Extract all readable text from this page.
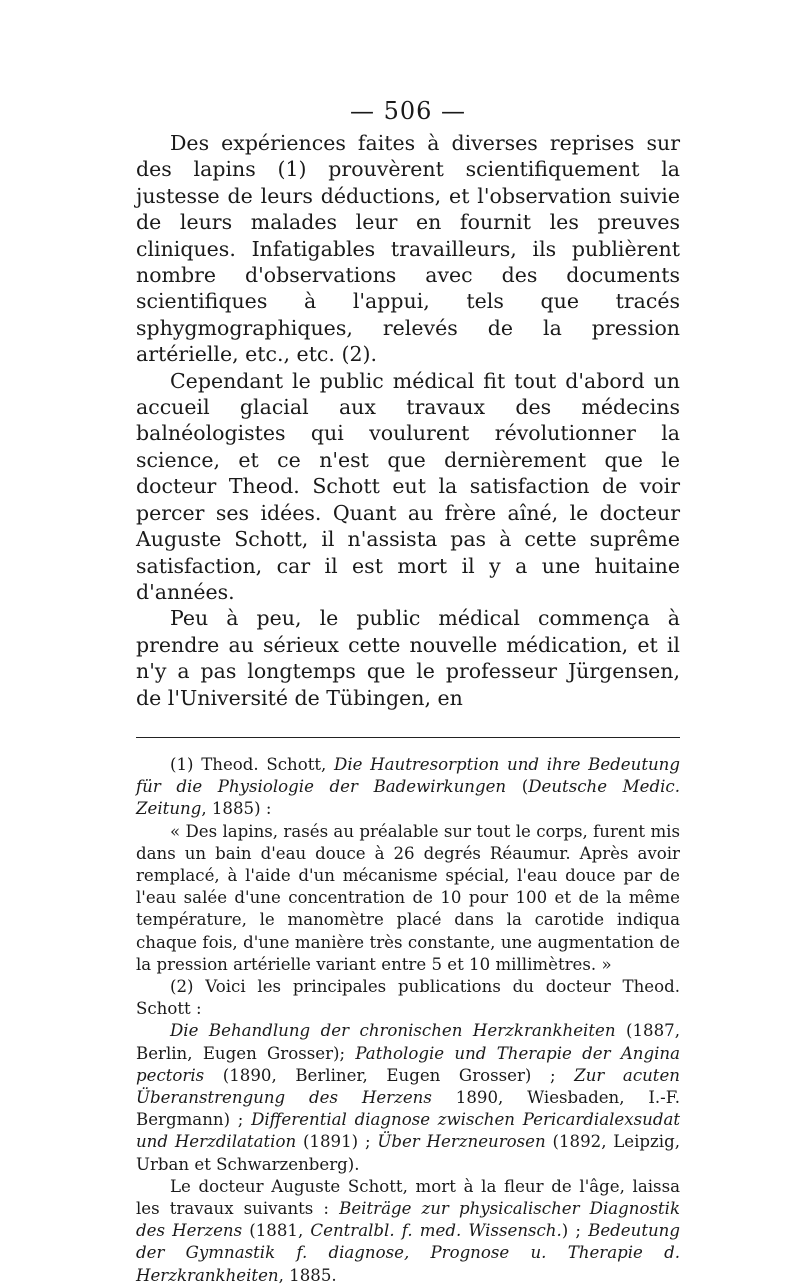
— 506 —

Des expériences faites à diverses reprises sur des lapins (1) prouvèrent scientifiquement la justesse de leurs déductions, et l'observation suivie de leurs malades leur en fournit les preuves cliniques. Infatigables travailleurs, ils publièrent nombre d'observations avec des documents scientifiques à l'appui, tels que tracés sphygmographiques, relevés de la pression artérielle, etc., etc. (2).

Cependant le public médical fit tout d'abord un accueil glacial aux travaux des médecins balnéologistes qui voulurent révolutionner la science, et ce n'est que dernièrement que le docteur Theod. Schott eut la satisfaction de voir percer ses idées. Quant au frère aîné, le docteur Auguste Schott, il n'assista pas à cette suprême satisfaction, car il est mort il y a une huitaine d'années.

Peu à peu, le public médical commença à prendre au sérieux cette nouvelle médication, et il n'y a pas longtemps que le professeur Jürgensen, de l'Université de Tübingen, en

(1) Theod. Schott, Die Hautresorption und ihre Bedeutung für die Physiologie der Badewirkungen (Deutsche Medic. Zeitung, 1885) :

« Des lapins, rasés au préalable sur tout le corps, furent mis dans un bain d'eau douce à 26 degrés Réaumur. Après avoir remplacé, à l'aide d'un mécanisme spécial, l'eau douce par de l'eau salée d'une concentration de 10 pour 100 et de la même température, le manomètre placé dans la carotide indiqua chaque fois, d'une manière très constante, une augmentation de la pression artérielle variant entre 5 et 10 millimètres. »

(2) Voici les principales publications du docteur Theod. Schott :

Die Behandlung der chronischen Herzkrankheiten (1887, Berlin, Eugen Grosser); Pathologie und Therapie der Angina pectoris (1890, Berliner, Eugen Grosser) ; Zur acuten Überanstrengung des Herzens 1890, Wiesbaden, I.-F. Bergmann) ; Differential diagnose zwischen Pericardialexsudat und Herzdilatation (1891) ; Über Herzneurosen (1892, Leipzig, Urban et Schwarzenberg).

Le docteur Auguste Schott, mort à la fleur de l'âge, laissa les travaux suivants : Beiträge zur physicalischer Diagnostik des Herzens (1881, Centralbl. f. med. Wissensch.) ; Bedeutung der Gymnastik f. diagnose, Prognose u. Therapie d. Herzkrankheiten, 1885.
